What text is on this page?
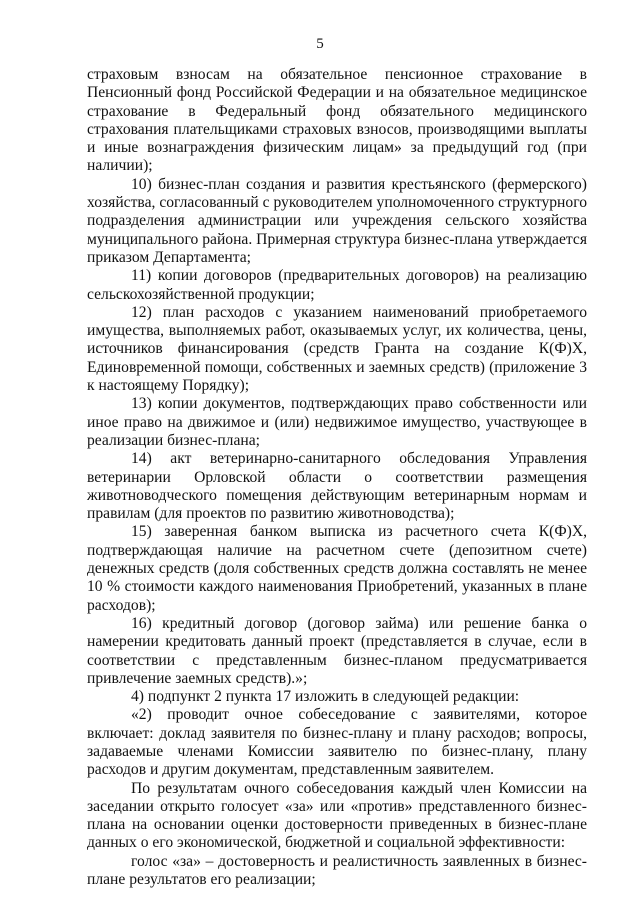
5

страховым взносам на обязательное пенсионное страхование в Пенсионный фонд Российской Федерации и на обязательное медицинское страхование в Федеральный фонд обязательного медицинского страхования плательщиками страховых взносов, производящими выплаты и иные вознаграждения физическим лицам» за предыдущий год (при наличии);

10) бизнес-план создания и развития крестьянского (фермерского) хозяйства, согласованный с руководителем уполномоченного структурного подразделения администрации или учреждения сельского хозяйства муниципального района. Примерная структура бизнес-плана утверждается приказом Департамента;

11) копии договоров (предварительных договоров) на реализацию сельскохозяйственной продукции;

12) план расходов с указанием наименований приобретаемого имущества, выполняемых работ, оказываемых услуг, их количества, цены, источников финансирования (средств Гранта на создание К(Ф)Х, Единовременной помощи, собственных и заемных средств) (приложение 3 к настоящему Порядку);

13) копии документов, подтверждающих право собственности или иное право на движимое и (или) недвижимое имущество, участвующее в реализации бизнес-плана;

14) акт ветеринарно-санитарного обследования Управления ветеринарии Орловской области о соответствии размещения животноводческого помещения действующим ветеринарным нормам и правилам (для проектов по развитию животноводства);

15) заверенная банком выписка из расчетного счета К(Ф)Х, подтверждающая наличие на расчетном счете (депозитном счете) денежных средств (доля собственных средств должна составлять не менее 10 % стоимости каждого наименования Приобретений, указанных в плане расходов);

16) кредитный договор (договор займа) или решение банка о намерении кредитовать данный проект (представляется в случае, если в соответствии с представленным бизнес-планом предусматривается привлечение заемных средств).»;

4) подпункт 2 пункта 17 изложить в следующей редакции:

«2) проводит очное собеседование с заявителями, которое включает: доклад заявителя по бизнес-плану и плану расходов; вопросы, задаваемые членами Комиссии заявителю по бизнес-плану, плану расходов и другим документам, представленным заявителем.

По результатам очного собеседования каждый член Комиссии на заседании открыто голосует «за» или «против» представленного бизнес-плана на основании оценки достоверности приведенных в бизнес-плане данных о его экономической, бюджетной и социальной эффективности:

голос «за» – достоверность и реалистичность заявленных в бизнес-плане результатов его реализации;
